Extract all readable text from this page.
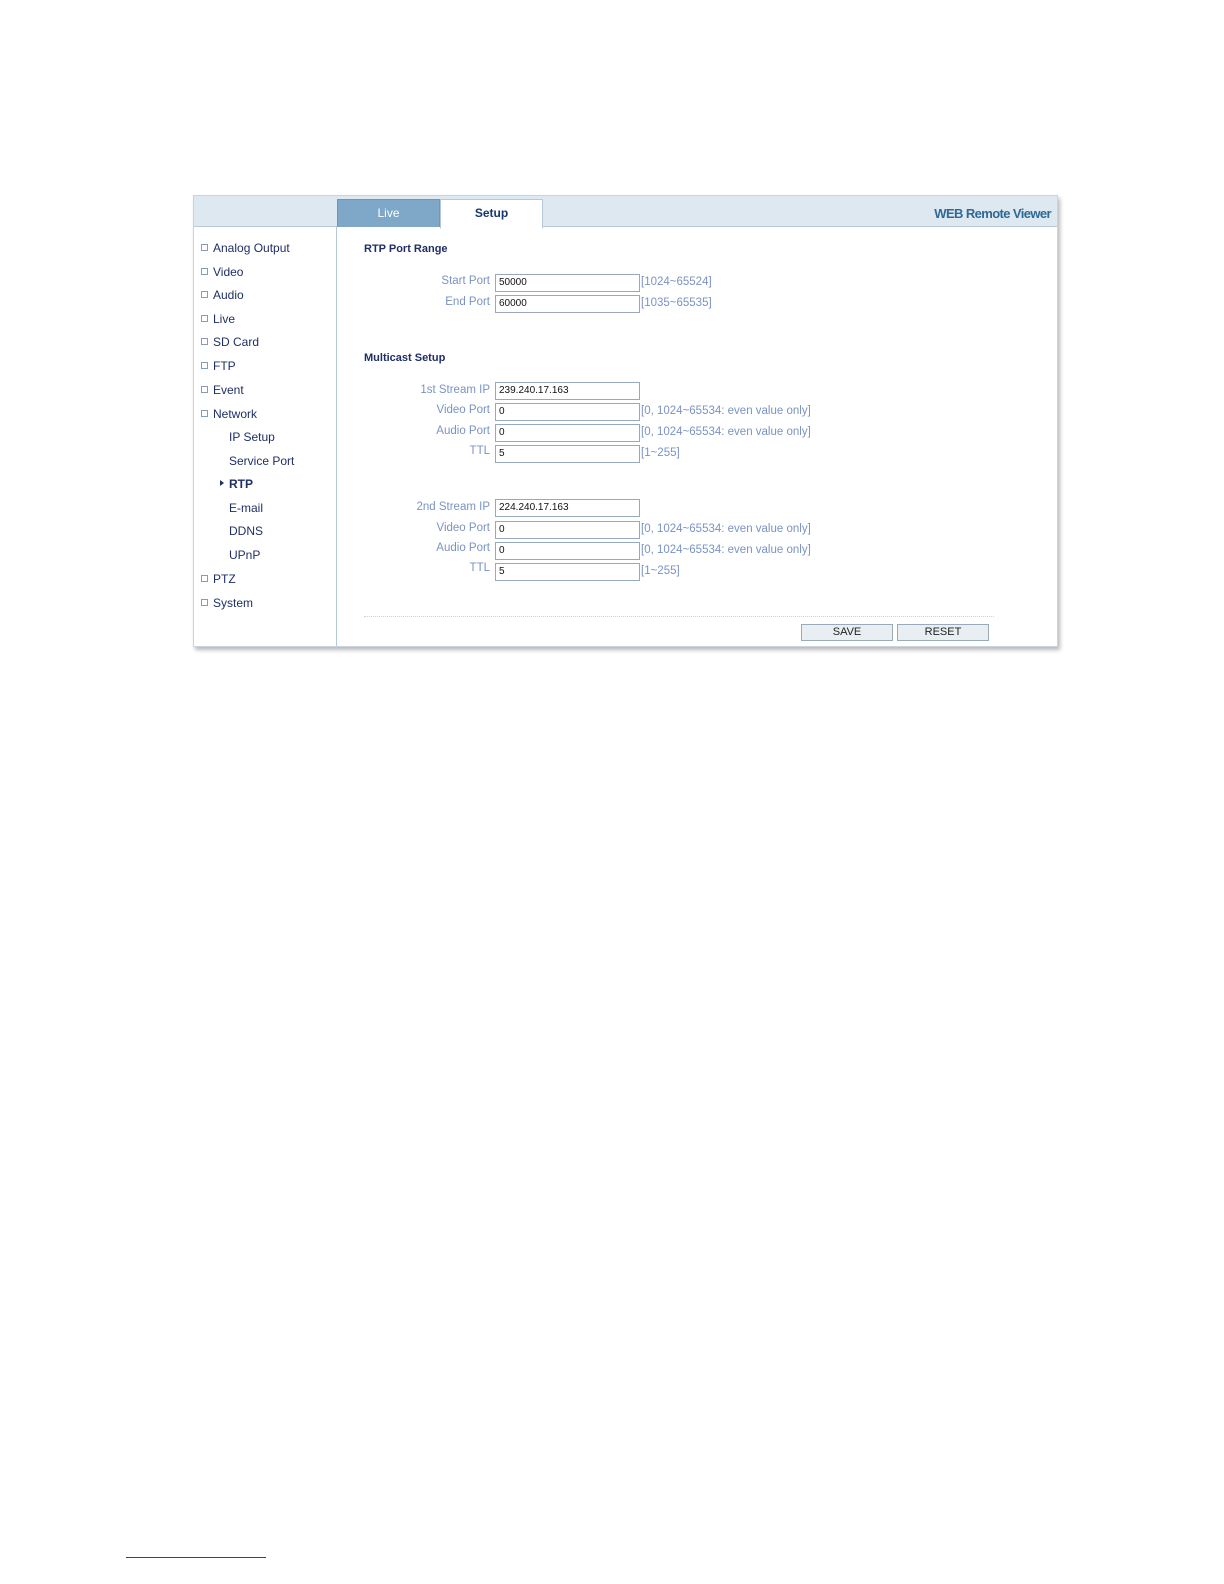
Live	Setup	WEB Remote Viewer
Analog Output
Video
Audio
Live
SD Card
FTP
Event
Network
IP Setup
Service Port
RTP
E-mail
DDNS
UPnP
PTZ
System
RTP Port Range
Start Port 50000	[1024~65524]
End Port 60000	[1035~65535]
Multicast Setup
1st Stream IP 239.240.17.163
Video Port 0	[0, 1024~65534: even value only]
Audio Port 0	[0, 1024~65534: even value only]
TTL 5	[1~255]
2nd Stream IP 224.240.17.163
Video Port 0	[0, 1024~65534: even value only]
Audio Port 0	[0, 1024~65534: even value only]
TTL 5	[1~255]
SAVE	RESET
